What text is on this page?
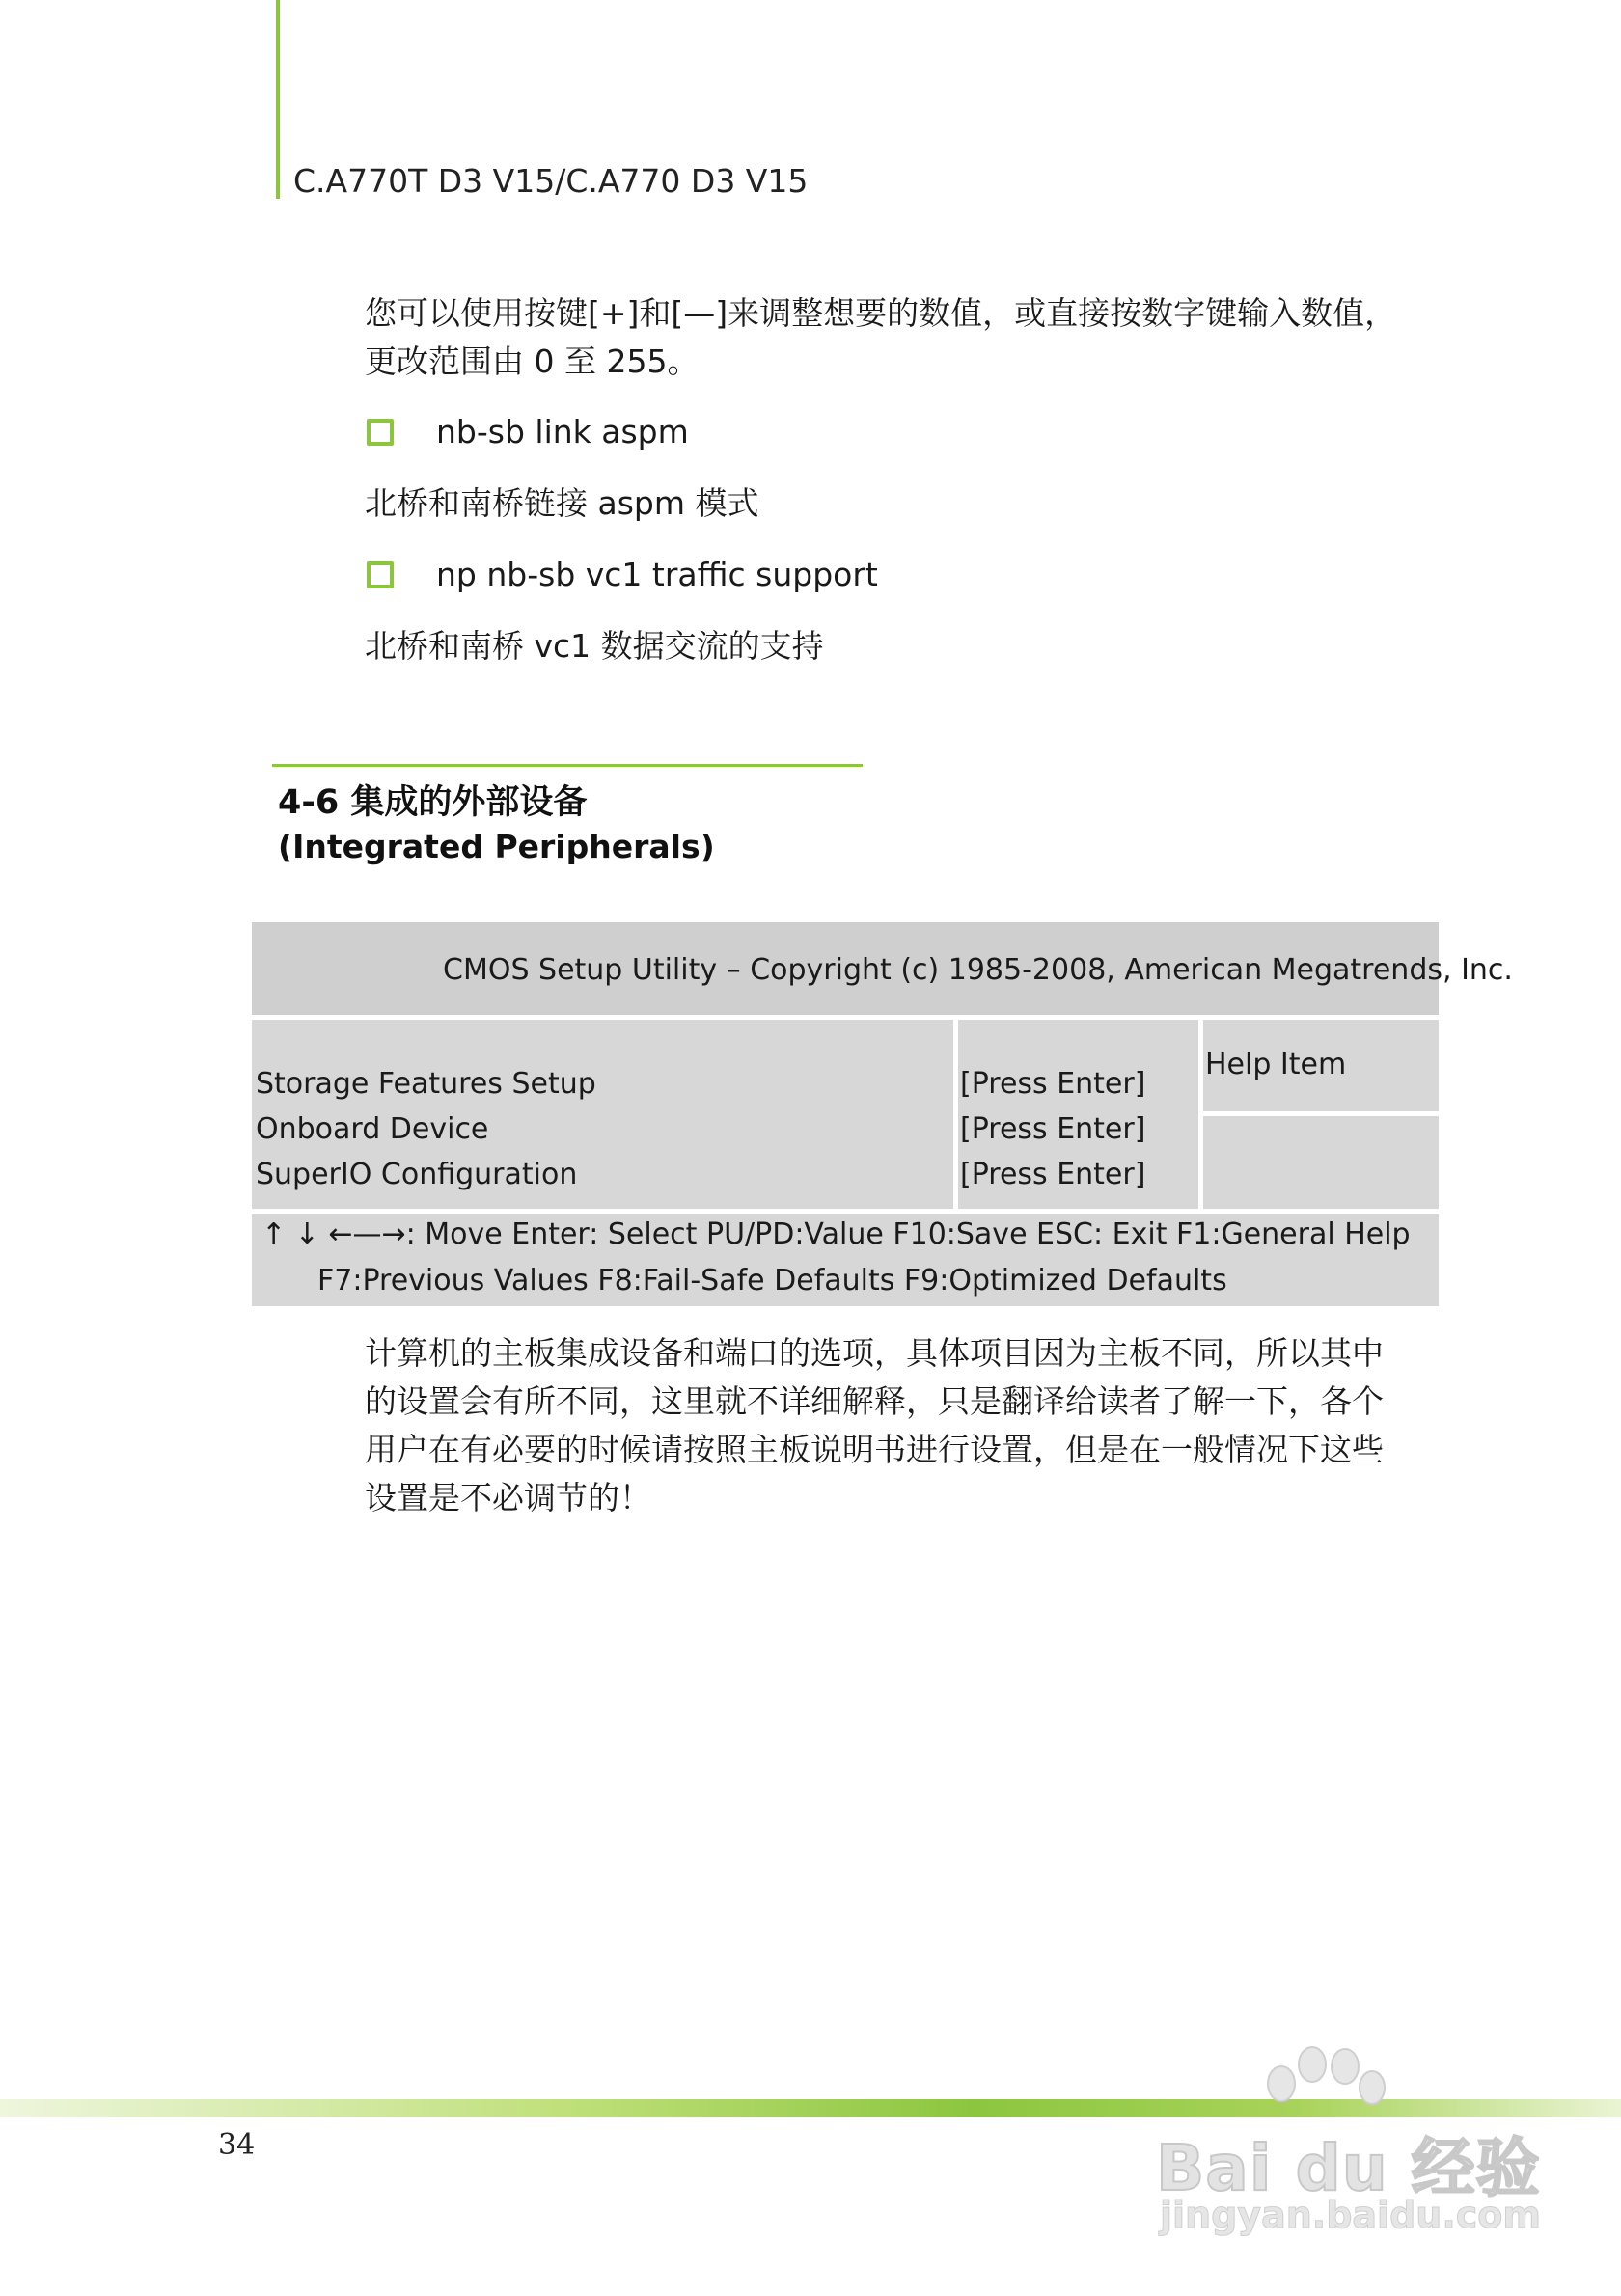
C.A770T D3 V15/C.A770 D3 V15
您可以使用按键[+]和[—]来调整想要的数值，或直接按数字键输入数值，
更改范围由 0 至 255。
nb-sb link aspm
北桥和南桥链接 aspm 模式
np nb-sb vc1 traffic support
北桥和南桥 vc1 数据交流的支持
4-6 集成的外部设备
(Integrated Peripherals)
CMOS Setup Utility – Copyright (c) 1985-2008, American Megatrends, Inc.
Storage Features Setup	[Press Enter]
Onboard Device	[Press Enter]
SuperIO Configuration	[Press Enter]
Help Item
↑ ↓ ←—→: Move Enter: Select PU/PD:Value F10:Save ESC: Exit F1:General Help
F7:Previous Values F8:Fail-Safe Defaults F9:Optimized Defaults
计算机的主板集成设备和端口的选项，具体项目因为主板不同，所以其中
的设置会有所不同，这里就不详细解释，只是翻译给读者了解一下，各个
用户在有必要的时候请按照主板说明书进行设置，但是在一般情况下这些
设置是不必调节的！
34	Bai du 经验
jingyan.baidu.com
